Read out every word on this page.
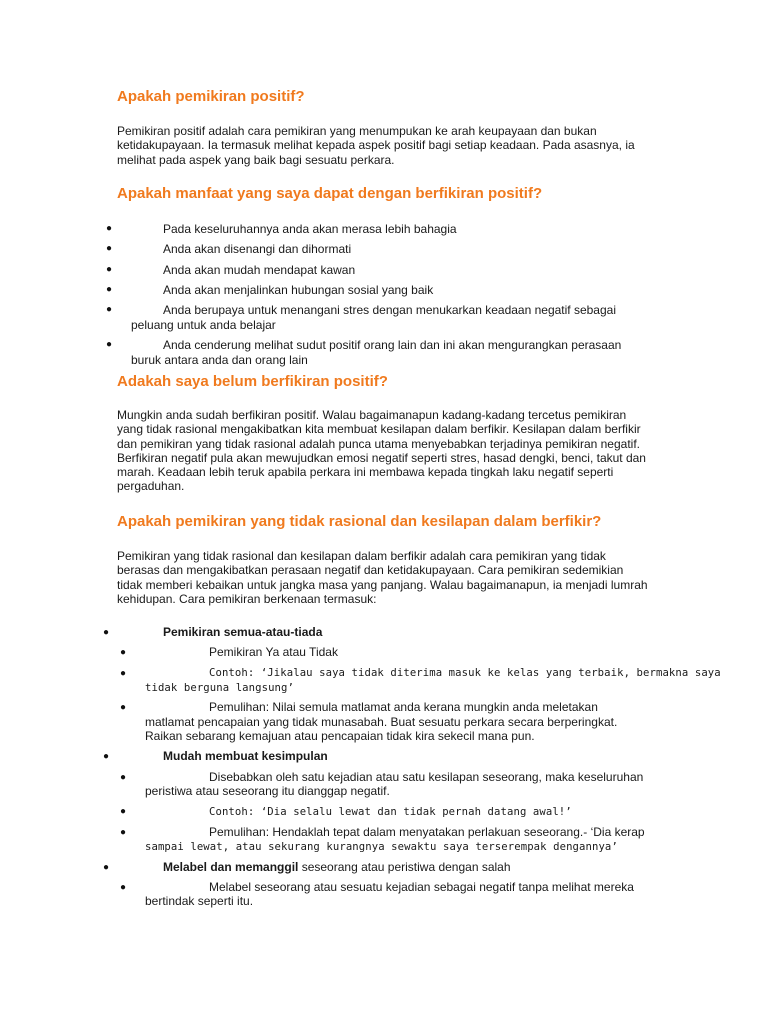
Apakah pemikiran positif?

Pemikiran positif adalah cara pemikiran yang menumpukan ke arah keupayaan dan bukan
ketidakupayaan. Ia termasuk melihat kepada aspek positif bagi setiap keadaan. Pada asasnya, ia
melihat pada aspek yang baik bagi sesuatu perkara.

Apakah manfaat yang saya dapat dengan berfikiran positif?
●	Pada keseluruhannya anda akan merasa lebih bahagia

●	Anda akan disenangi dan dihormati

●	Anda akan mudah mendapat kawan

●	Anda akan menjalinkan hubungan sosial yang baik

●	Anda berupaya untuk menangani stres dengan menukarkan keadaan negatif sebagai

peluang untuk anda belajar

●	Anda cenderung melihat sudut positif orang lain dan ini akan mengurangkan perasaan

buruk antara anda dan orang lain

Adakah saya belum berfikiran positif?

Mungkin anda sudah berfikiran positif. Walau bagaimanapun kadang-kadang tercetus pemikiran
yang tidak rasional mengakibatkan kita membuat kesilapan dalam berfikir. Kesilapan dalam berfikir
dan pemikiran yang tidak rasional adalah punca utama menyebabkan terjadinya pemikiran negatif.
Berfikiran negatif pula akan mewujudkan emosi negatif seperti stres, hasad dengki, benci, takut dan
marah. Keadaan lebih teruk apabila perkara ini membawa kepada tingkah laku negatif seperti
pergaduhan.

Apakah pemikiran yang tidak rasional dan kesilapan dalam berfikir?

Pemikiran yang tidak rasional dan kesilapan dalam berfikir adalah cara pemikiran yang tidak
berasas dan mengakibatkan perasaan negatif dan ketidakupayaan. Cara pemikiran sedemikian
tidak memberi kebaikan untuk jangka masa yang panjang. Walau bagaimanapun, ia menjadi lumrah
kehidupan. Cara pemikiran berkenaan termasuk:

●	Pemikiran semua-atau-tiada

●	Pemikiran Ya atau Tidak

●	Contoh: ‘Jikalau saya tidak diterima masuk ke kelas yang terbaik, bermakna saya

tidak berguna langsung’

●	Pemulihan: Nilai semula matlamat anda kerana mungkin anda meletakan

matlamat pencapaian yang tidak munasabah. Buat sesuatu perkara secara berperingkat.

Raikan sebarang kemajuan atau pencapaian tidak kira sekecil mana pun.

●	Mudah membuat kesimpulan

●	Disebabkan oleh satu kejadian atau satu kesilapan seseorang, maka keseluruhan

peristiwa atau seseorang itu dianggap negatif.

●	Contoh: ‘Dia selalu lewat dan tidak pernah datang awal!’

●	Pemulihan: Hendaklah tepat dalam menyatakan perlakuan seseorang.- ‘Dia kerap

sampai lewat, atau sekurang kurangnya sewaktu saya terserempak dengannya’

●	Melabel dan memanggil seseorang atau peristiwa dengan salah

●	Melabel seseorang atau sesuatu kejadian sebagai negatif tanpa melihat mereka

bertindak seperti itu.
